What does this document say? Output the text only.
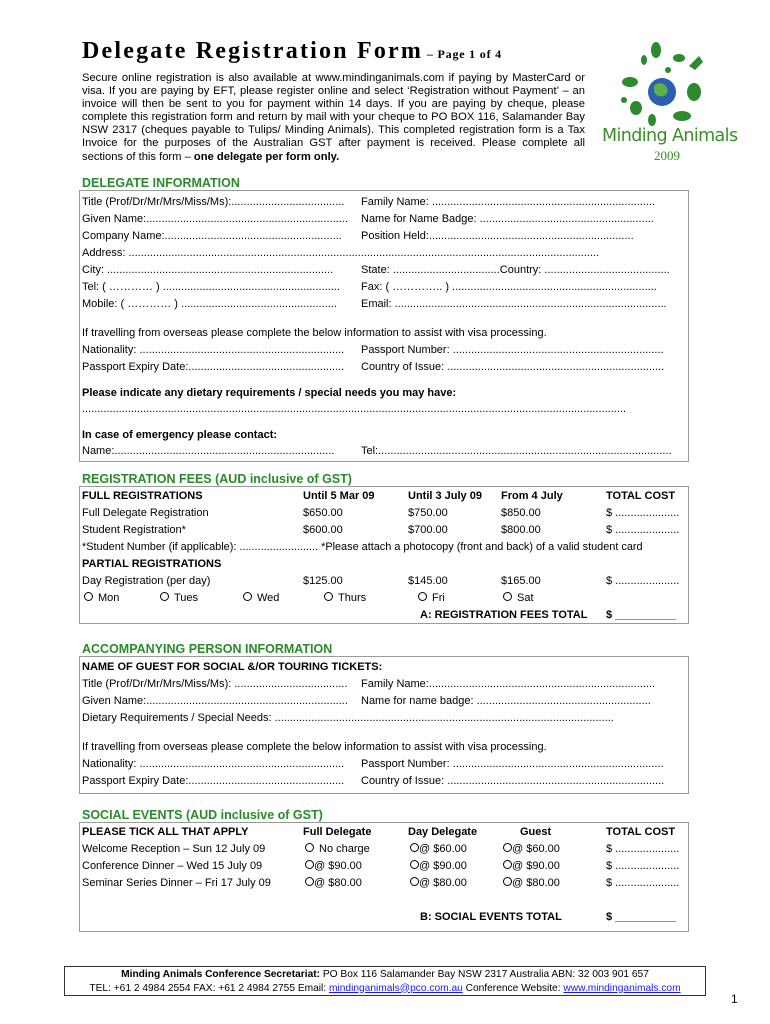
Delegate Registration Form – Page 1 of 4
Secure online registration is also available at www.mindinganimals.com if paying by MasterCard or visa. If you are paying by EFT, please register online and select ‘Registration without Payment’ – an invoice will then be sent to you for payment within 14 days. If you are paying by cheque, please complete this registration form and return by mail with your cheque to PO BOX 116, Salamander Bay NSW 2317 (cheques payable to Tulips/ Minding Animals). This completed registration form is a Tax Invoice for the purposes of the Australian GST after payment is received. Please complete all sections of this form – one delegate per form only.
Minding Animals
2009
DELEGATE INFORMATION
Title (Prof/Dr/Mr/Mrs/Miss/Ms):..................................... Family Name: .........................................................................
Given Name:.................................................................. Name for Name Badge: .........................................................
Company Name:.......................................................... Position Held:...................................................................
Address: ..........................................................................................................................................................
City: ..........................................................................	State: ...................................Country: .........................................
Tel: ( ………… ) .......................................................... Fax: ( ………….. ) ...................................................................
Mobile: ( ………… ) ................................................... Email: .........................................................................................
If travelling from overseas please complete the below information to assist with visa processing.
Nationality: ................................................................... Passport Number: .....................................................................
Passport Expiry Date:................................................... Country of Issue: .......................................................................
Please indicate any dietary requirements / special needs you may have:
..................................................................................................................................................................................
In case of emergency please contact:
Name:........................................................................ Tel:................................................................................................
REGISTRATION FEES (AUD inclusive of GST)
FULL REGISTRATIONS	Until 5 Mar 09	Until 3 July 09 From 4 July	TOTAL COST
Full Delegate Registration	$650.00	$750.00	$850.00	$ .....................
Student Registration*	$600.00	$700.00	$800.00	$ .....................
*Student Number (if applicable): .......................... *Please attach a photocopy (front and back) of a valid student card
PARTIAL REGISTRATIONS
Day Registration (per day)	$125.00	$145.00	$165.00	$ .....................
Mon	Tues	Wed	Thurs	Fri	Sat
A: REGISTRATION FEES TOTAL $ __________
ACCOMPANYING PERSON INFORMATION
NAME OF GUEST FOR SOCIAL &/OR TOURING TICKETS:
Title (Prof/Dr/Mr/Mrs/Miss/Ms): ..................................... Family Name:..........................................................................
Given Name:.................................................................. Name for name badge: .........................................................
Dietary Requirements / Special Needs: ...............................................................................................................
If travelling from overseas please complete the below information to assist with visa processing.
Nationality: ................................................................... Passport Number: .....................................................................
Passport Expiry Date:................................................... Country of Issue: .......................................................................
SOCIAL EVENTS (AUD inclusive of GST)
PLEASE TICK ALL THAT APPLY	Full Delegate	Day Delegate	Guest	TOTAL COST
Welcome Reception – Sun 12 July 09	No charge	@ $60.00	@ $60.00	$ .....................
Conference Dinner – Wed 15 July 09	@ $90.00	@ $90.00	@ $90.00	$ .....................
Seminar Series Dinner – Fri 17 July 09	@ $80.00	@ $80.00	@ $80.00	$ .....................
B: SOCIAL EVENTS TOTAL	$ __________
Minding Animals Conference Secretariat: PO Box 116 Salamander Bay NSW 2317 Australia ABN: 32 003 901 657
TEL: +61 2 4984 2554 FAX: +61 2 4984 2755 Email: mindinganimals@pco.com.au Conference Website: www.mindinganimals.com
1
